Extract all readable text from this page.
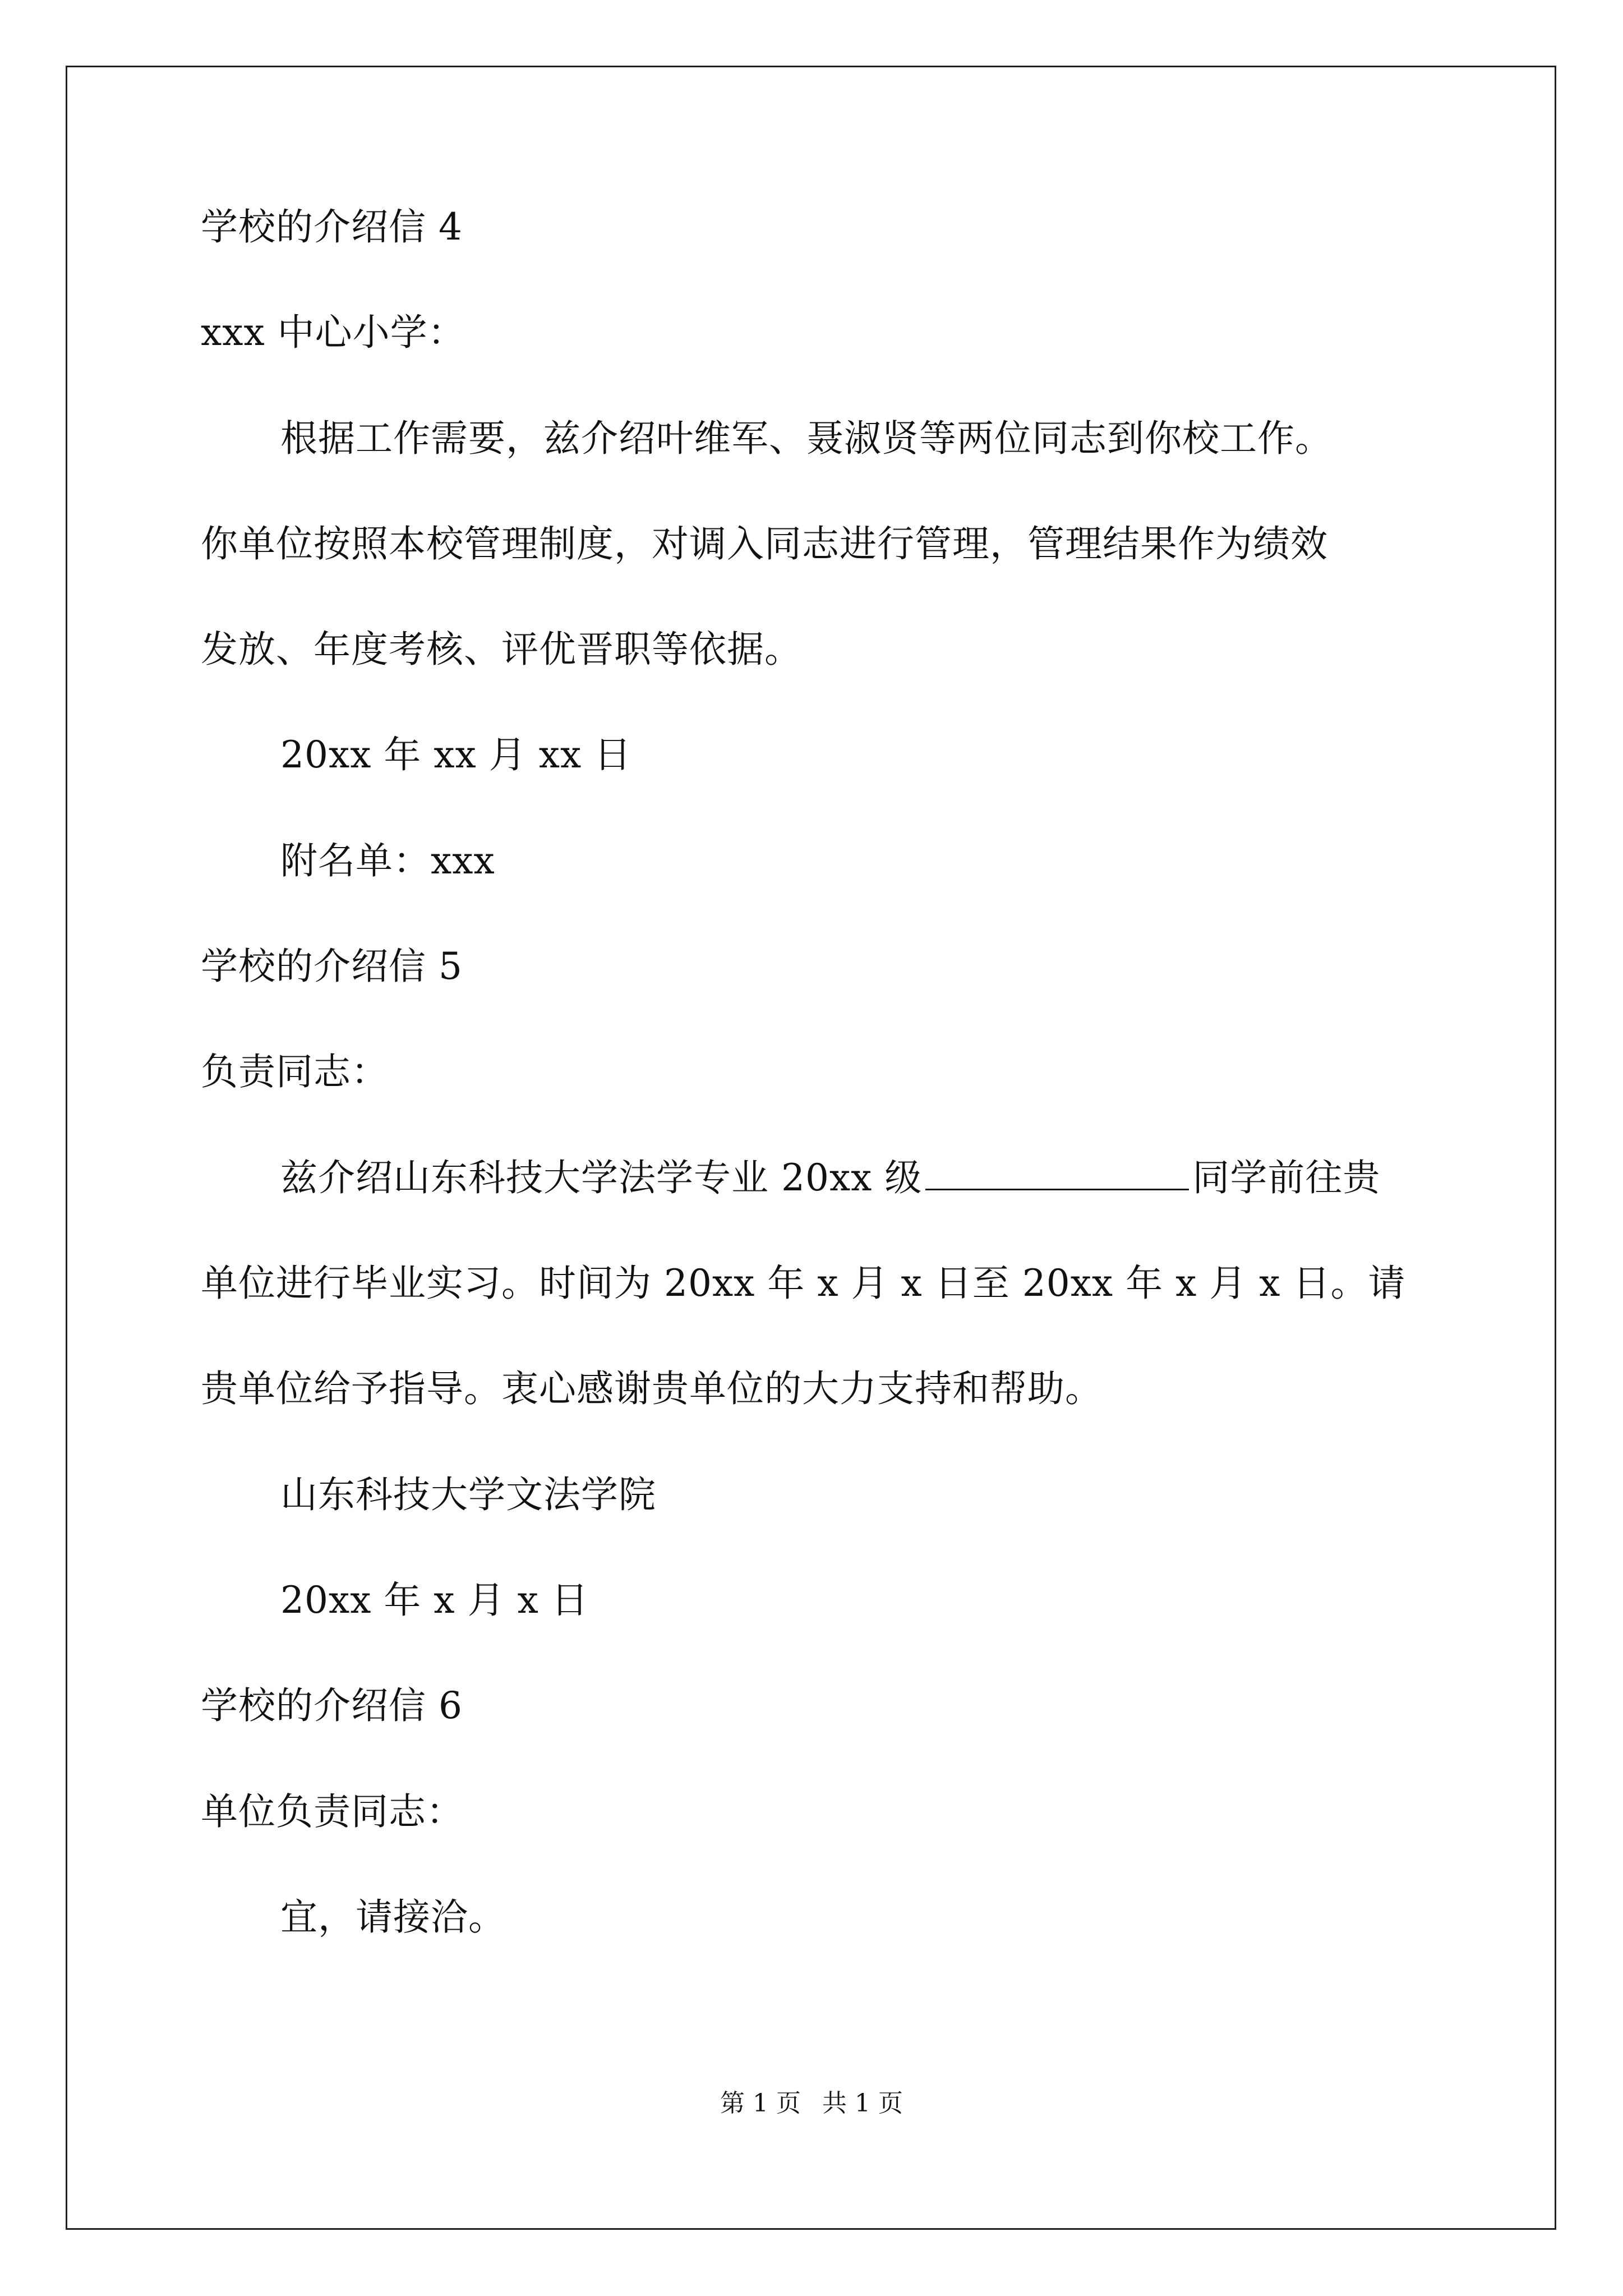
学校的介绍信 4
xxx 中心小学：
根据工作需要，兹介绍叶维军、聂淑贤等两位同志到你校工作。
你单位按照本校管理制度，对调入同志进行管理，管理结果作为绩效
发放、年度考核、评优晋职等依据。
20xx 年 xx 月 xx 日
附名单：xxx
学校的介绍信 5
负责同志：
兹介绍山东科技大学法学专业 20xx 级	同学前往贵
单位进行毕业实习。时间为 20xx 年 x 月 x 日至 20xx 年 x 月 x 日。请
贵单位给予指导。衷心感谢贵单位的大力支持和帮助。
山东科技大学文法学院
20xx 年 x 月 x 日
学校的介绍信 6
单位负责同志：
宜，请接洽。
第 1 页 共 1 页
